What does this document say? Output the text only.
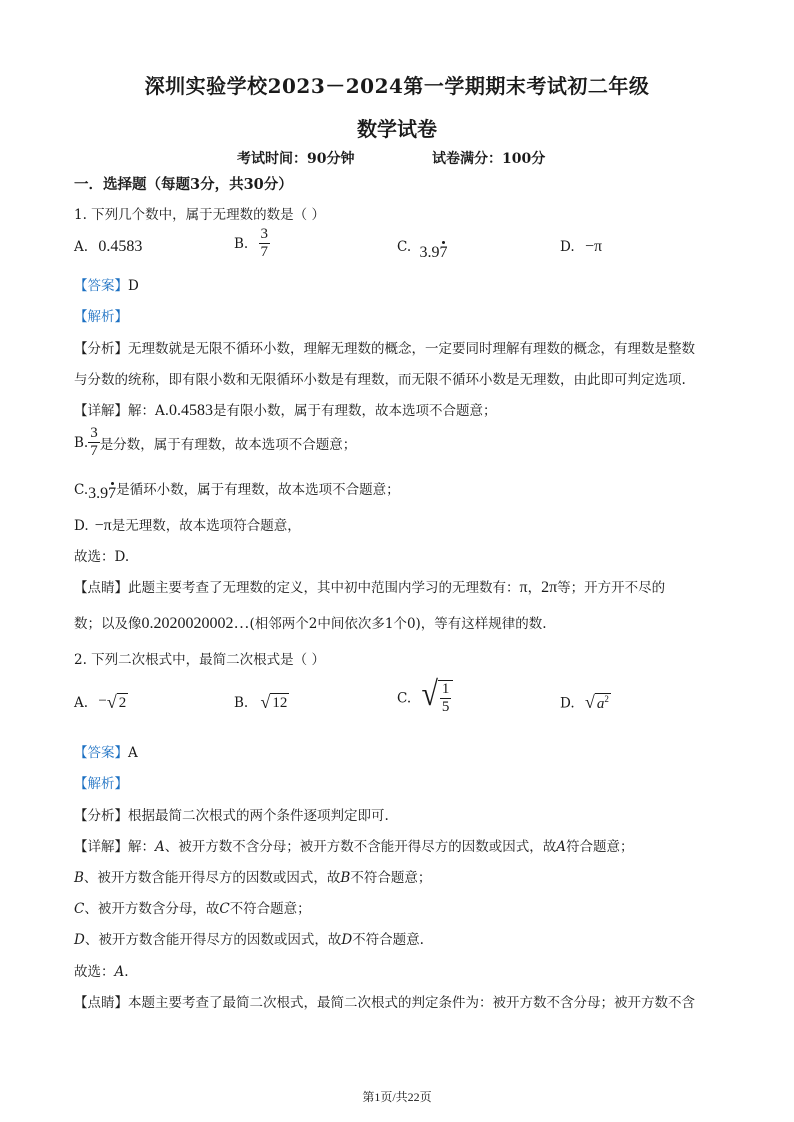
深圳实验学校2023－2024第一学期期末考试初二年级
数学试卷
考试时间：90分钟	试卷满分：100分
一．选择题（每题3分，共30分）
1. 下列几个数中，属于无理数的数是（ ）
A. 0.4583	B. $\frac{3}{7}$	C. 3.97	D. −π
【答案】D
【解析】
【分析】无理数就是无限不循环小数，理解无理数的概念，一定要同时理解有理数的概念，有理数是整数
与分数的统称，即有限小数和无限循环小数是有理数，而无限不循环小数是无理数，由此即可判定选项.
【详解】解：A.0.4583是有限小数，属于有理数，故本选项不合题意；
B. $\frac{3}{7}$ 是分数，属于有理数，故本选项不合题意；
C.3.97是循环小数，属于有理数，故本选项不合题意；
D. −π是无理数，故本选项符合题意，
故选：D.
【点睛】此题主要考查了无理数的定义，其中初中范围内学习的无理数有：π，2π等；开方开不尽的
数；以及像0.2020020002…(相邻两个2中间依次多1个0)，等有这样规律的数.
2. 下列二次根式中，最简二次根式是（ ）
A. − √ 2	B. √ 12	C. √ $\frac{1}{5}$	D. √ $a^2$
【答案】A
【解析】
【分析】根据最简二次根式的两个条件逐项判定即可.
【详解】解：A、被开方数不含分母；被开方数不含能开得尽方的因数或因式，故A符合题意；
B、被开方数含能开得尽方的因数或因式，故B不符合题意；
C、被开方数含分母，故C不符合题意；
D、被开方数含能开得尽方的因数或因式，故D不符合题意.
故选：A.
【点睛】本题主要考查了最简二次根式，最简二次根式的判定条件为：被开方数不含分母；被开方数不含
第1页/共22页
